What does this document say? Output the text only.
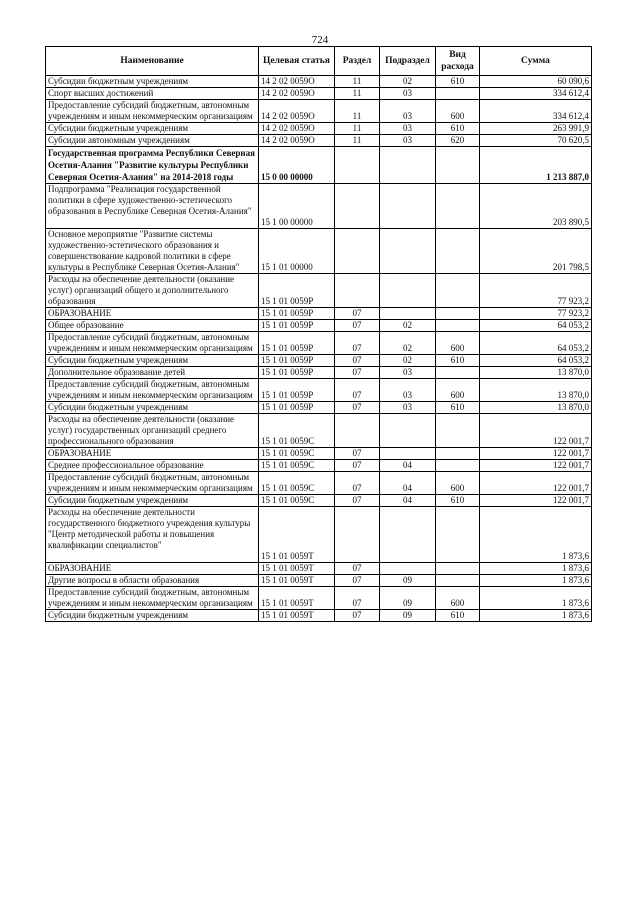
724
Наименование	Целевая статья	Раздел	Подраздел	Вид расхода	Сумма
Субсидии бюджетным учреждениям	14 2 02 0059О	11	02	610	60 090,6
Спорт высших достижений	14 2 02 0059О	11	03		334 612,4
Предоставление субсидий бюджетным, автономным учреждениям и иным некоммерческим организациям	14 2 02 0059О	11	03	600	334 612,4
Субсидии бюджетным учреждениям	14 2 02 0059О	11	03	610	263 991,9
Субсидии автономным учреждениям	14 2 02 0059О	11	03	620	70 620,5
Государственная программа Республики Северная Осетия-Алания "Развитие культуры Республики Северная Осетия-Алания" на 2014-2018 годы	15 0 00 00000				1 213 887,0
Подпрограмма "Реализация государственной политики в сфере художественно-эстетического образования в Республике Северная Осетия-Алания"	15 1 00 00000				203 890,5
Основное мероприятие "Развитие системы художественно-эстетического образования и совершенствование кадровой политики в сфере культуры в Республике Северная Осетия-Алания"	15 1 01 00000				201 798,5
Расходы на обеспечение деятельности (оказание услуг) организаций общего и дополнительного образования	15 1 01 0059Р				77 923,2
ОБРАЗОВАНИЕ	15 1 01 0059Р	07			77 923,2
Общее образование	15 1 01 0059Р	07	02		64 053,2
Предоставление субсидий бюджетным, автономным учреждениям и иным некоммерческим организациям	15 1 01 0059Р	07	02	600	64 053,2
Субсидии бюджетным учреждениям	15 1 01 0059Р	07	02	610	64 053,2
Дополнительное образование детей	15 1 01 0059Р	07	03		13 870,0
Предоставление субсидий бюджетным, автономным учреждениям и иным некоммерческим организациям	15 1 01 0059Р	07	03	600	13 870,0
Субсидии бюджетным учреждениям	15 1 01 0059Р	07	03	610	13 870,0
Расходы на обеспечение деятельности (оказание услуг) государственных организаций среднего профессионального образования	15 1 01 0059С				122 001,7
ОБРАЗОВАНИЕ	15 1 01 0059С	07			122 001,7
Среднее профессиональное образование	15 1 01 0059С	07	04		122 001,7
Предоставление субсидий бюджетным, автономным учреждениям и иным некоммерческим организациям	15 1 01 0059С	07	04	600	122 001,7
Субсидии бюджетным учреждениям	15 1 01 0059С	07	04	610	122 001,7
Расходы на обеспечение деятельности государственного бюджетного учреждения культуры "Центр методической работы и повышения квалификации специалистов"	15 1 01 0059Т				1 873,6
ОБРАЗОВАНИЕ	15 1 01 0059Т	07			1 873,6
Другие вопросы в области образования	15 1 01 0059Т	07	09		1 873,6
Предоставление субсидий бюджетным, автономным учреждениям и иным некоммерческим организациям	15 1 01 0059Т	07	09	600	1 873,6
Субсидии бюджетным учреждениям	15 1 01 0059Т	07	09	610	1 873,6
